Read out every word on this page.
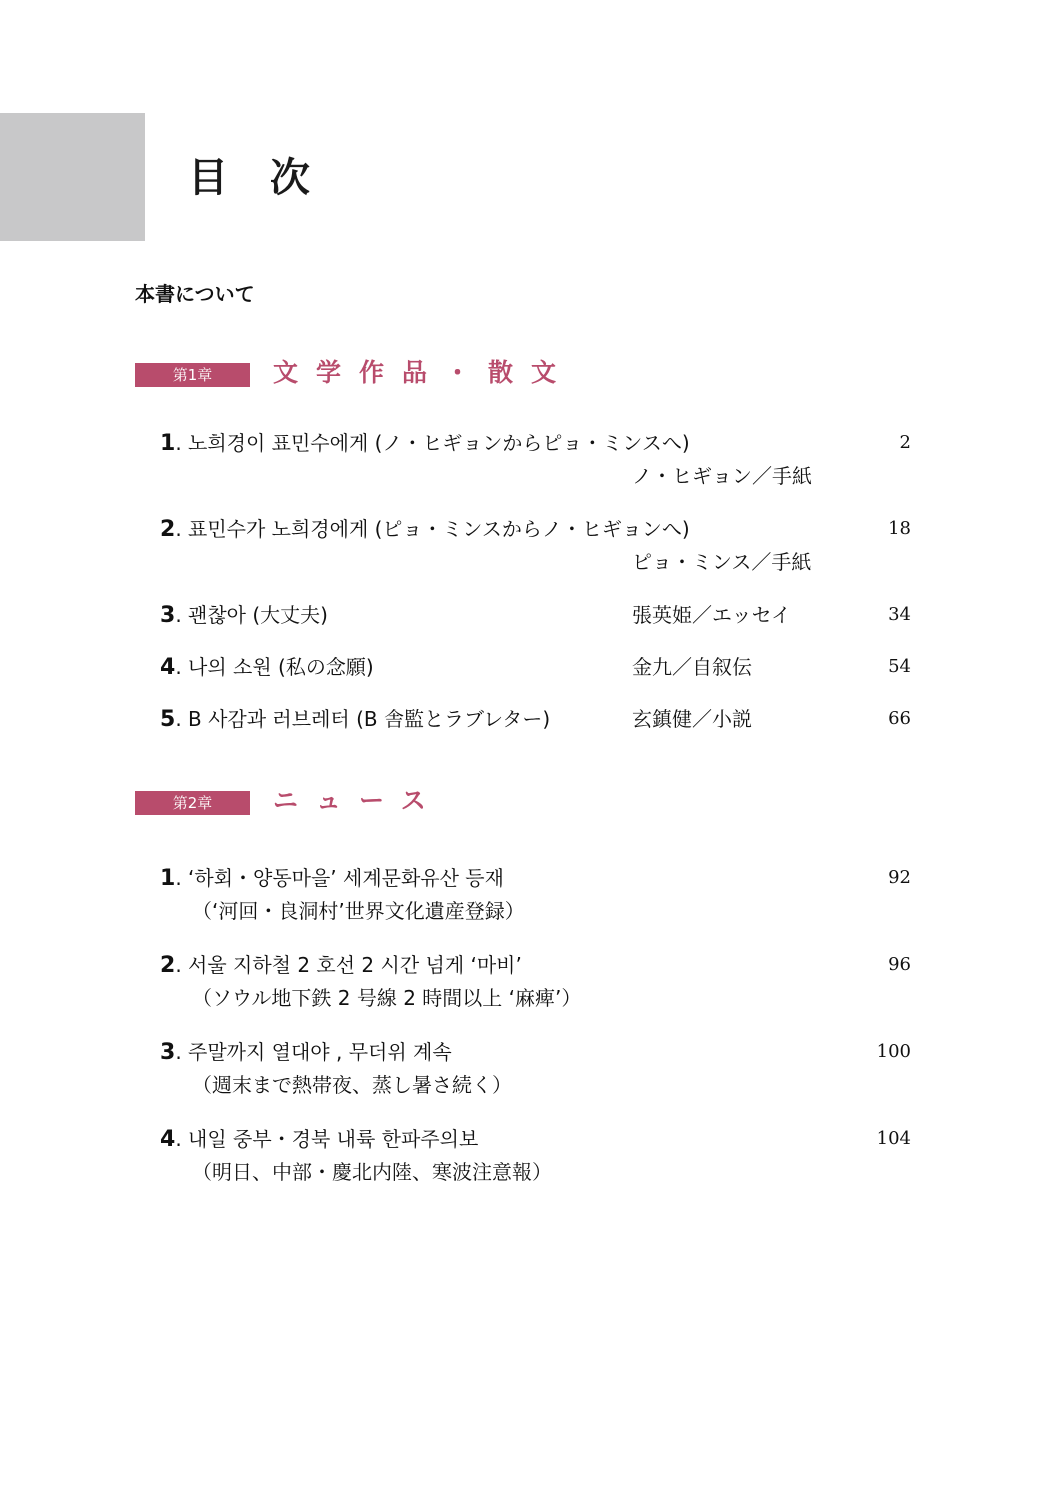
目 次
本書について
第1章	文学作品・散文
1. 노희경이 표민수에게 (ノ・ヒギョンからピョ・ミンスへ)	2
ノ・ヒギョン／手紙
2. 표민수가 노희경에게 (ピョ・ミンスからノ・ヒギョンへ)	18
ピョ・ミンス／手紙
3. 괜찮아 (大丈夫)	張英姫／エッセイ	34
4. 나의 소원 (私の念願)	金九／自叙伝	54
5. B 사감과 러브레터 (B 舎監とラブレター)	玄鎮健／小説	66
第2章	ニュース
1. ‘하회・양동마을’ 세계문화유산 등재	92
（‘河回・良洞村’世界文化遺産登録）
2. 서울 지하철 2 호선 2 시간 넘게 ‘마비’	96
（ソウル地下鉄 2 号線 2 時間以上 ‘麻痺’）
3. 주말까지 열대야 , 무더위 계속	100
（週末まで熱帯夜、蒸し暑さ続く）
4. 내일 중부・경북 내륙 한파주의보	104
（明日、中部・慶北内陸、寒波注意報）
